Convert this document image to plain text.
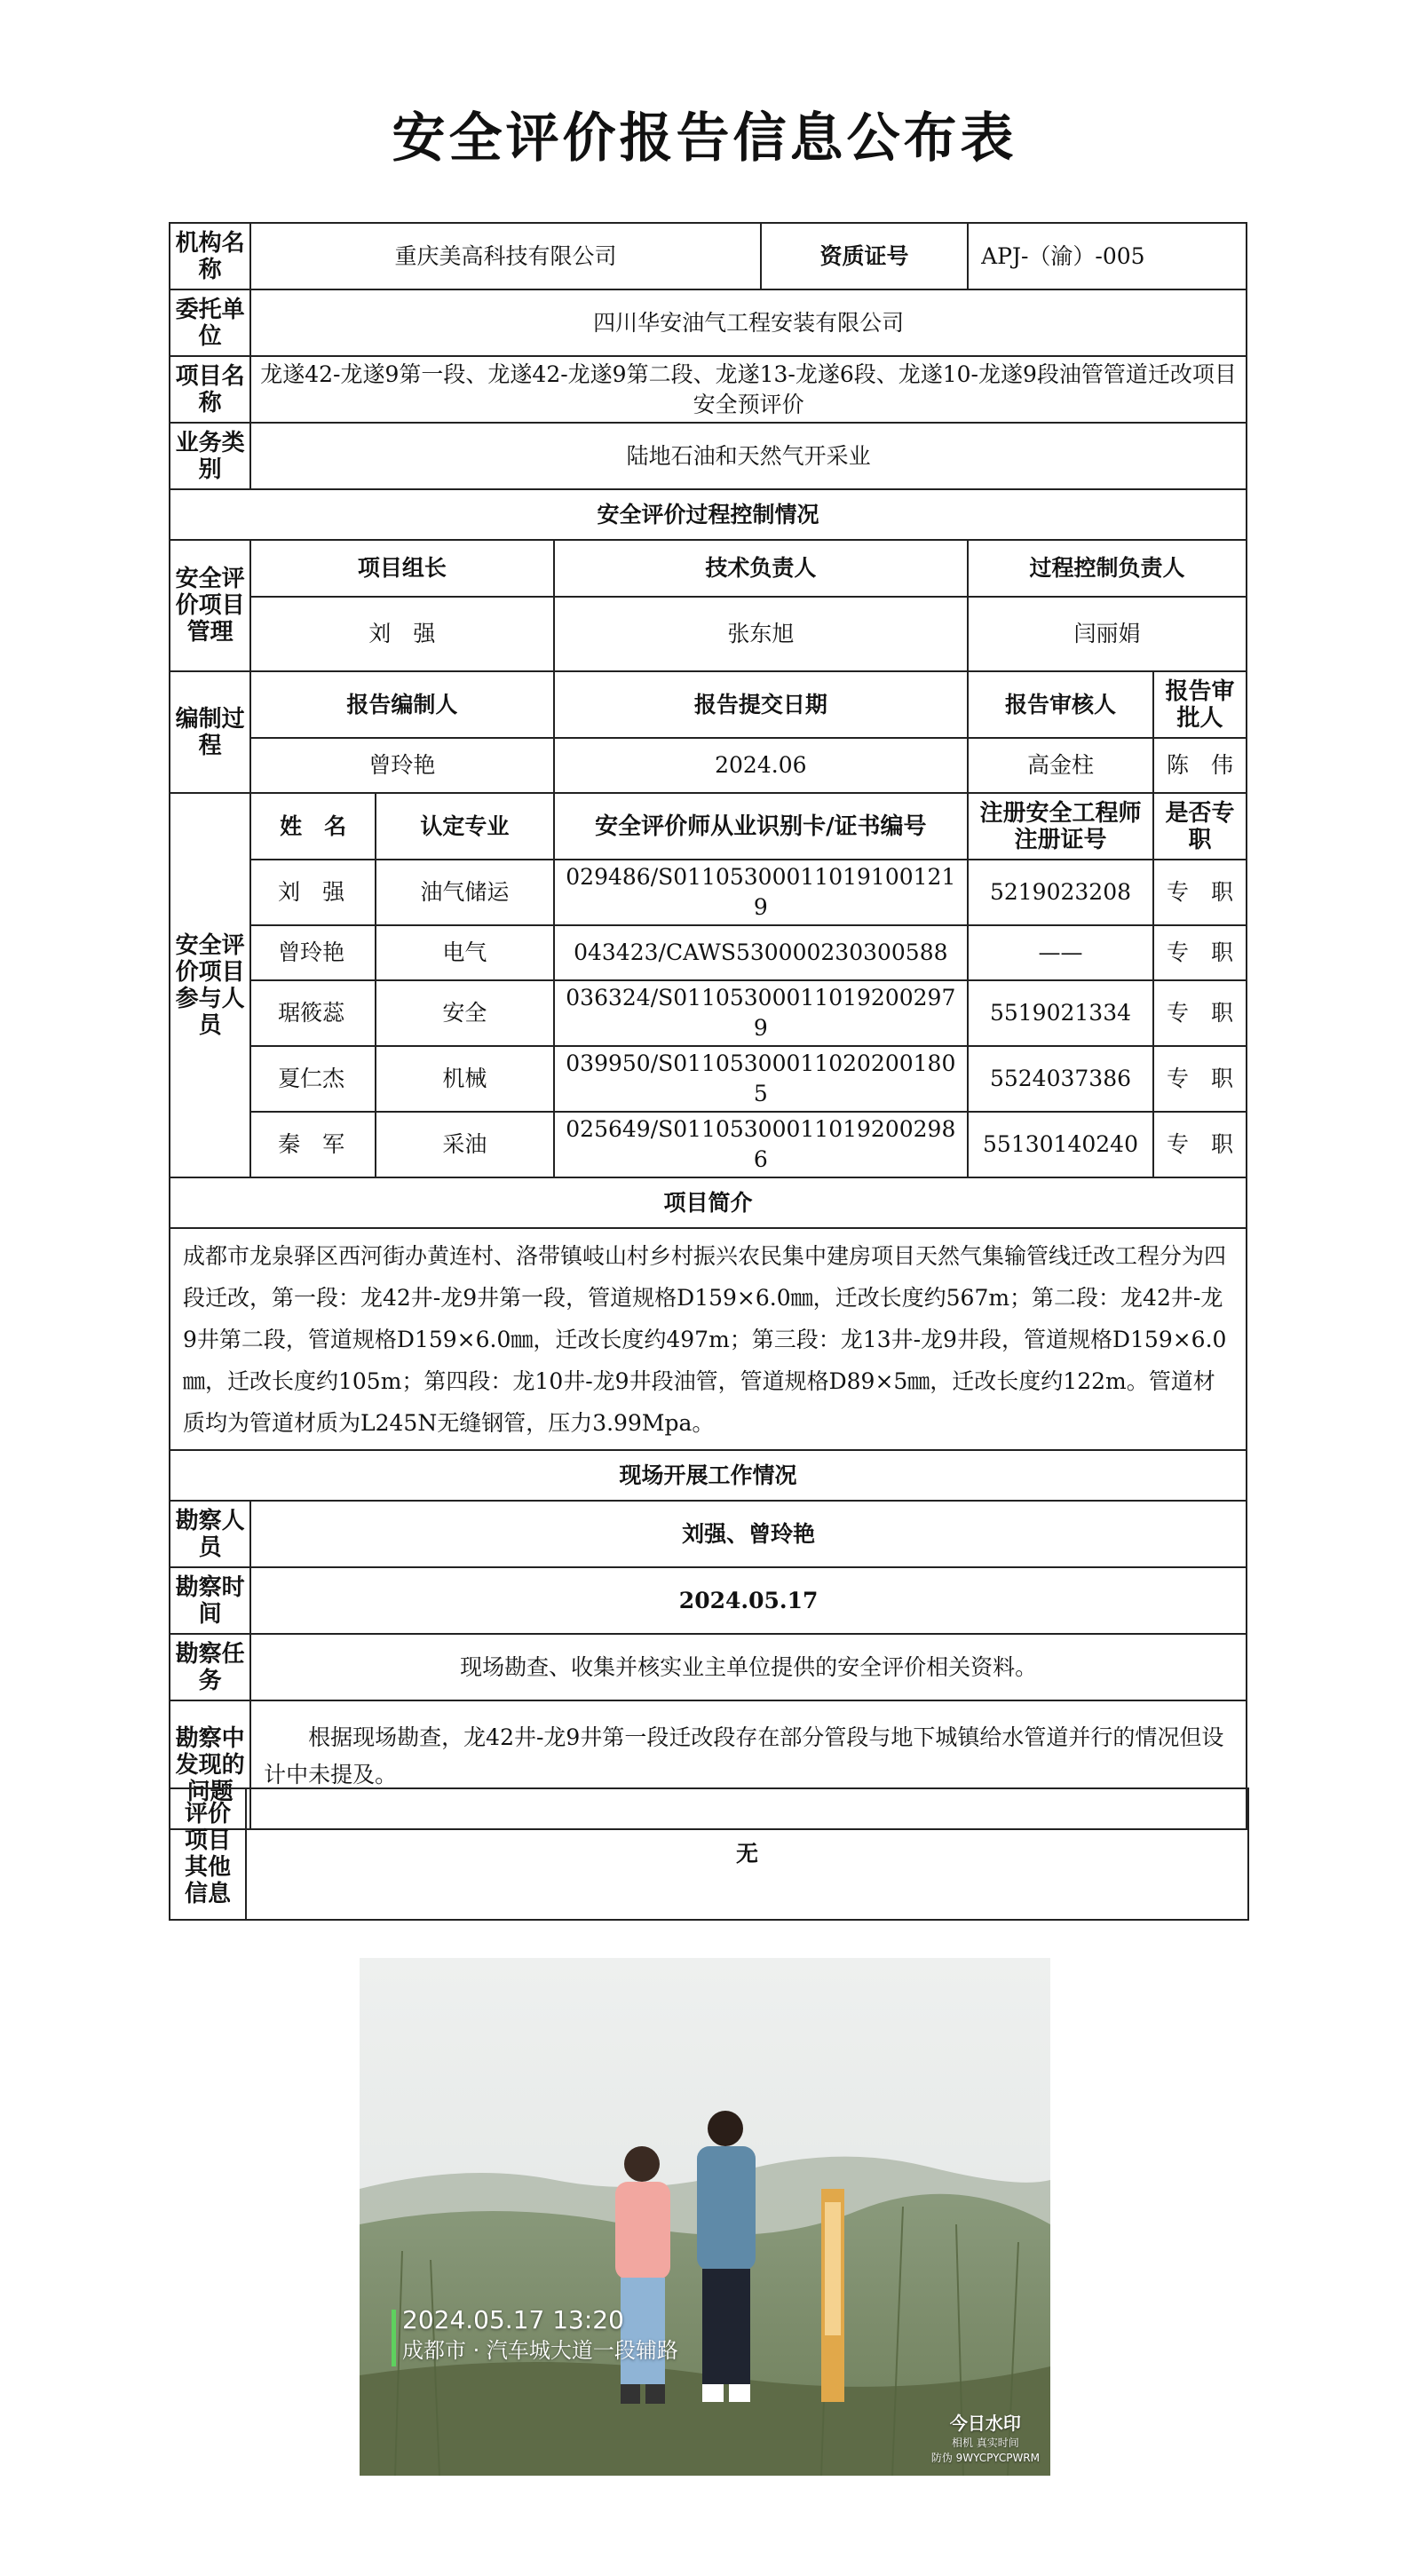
安全评价报告信息公布表
机构名称	重庆美高科技有限公司			资质证号	APJ-（渝）-005	
委托单位	四川华安油气工程安装有限公司					
项目名称	龙遂42-龙遂9第一段、龙遂42-龙遂9第二段、龙遂13-龙遂6段、龙遂10-龙遂9段油管管道迁改项目安全预评价					
业务类别	陆地石油和天然气开采业					
安全评价过程控制情况						
安全评价项目管理	项目组长		技术负责人		过程控制负责人	
	刘　强		张东旭		闫丽娟	
编制过程	报告编制人		报告提交日期		报告审核人	报告审批人
	曾玲艳		2024.06		高金柱	陈　伟
安全评价项目参与人员	姓　名	认定专业	安全评价师从业识别卡/证书编号		注册安全工程师注册证号	是否专职
	刘　强	油气储运	029486/S011053000110191001219		5219023208	专　职
	曾玲艳	电气	043423/CAWS530000230300588		——	专　职
	琚筱蕊	安全	036324/S011053000110192002979		5519021334	专　职
	夏仁杰	机械	039950/S011053000110202001805		5524037386	专　职
	秦　军	采油	025649/S011053000110192002986		55130140240	专　职
项目简介						
成都市龙泉驿区西河街办黄连村、洛带镇岐山村乡村振兴农民集中建房项目天然气集输管线迁改工程分为四段迁改，第一段：龙42井-龙9井第一段，管道规格D159×6.0㎜，迁改长度约567m；第二段：龙42井-龙9井第二段，管道规格D159×6.0㎜，迁改长度约497m；第三段：龙13井-龙9井段，管道规格D159×6.0㎜，迁改长度约105m；第四段：龙10井-龙9井段油管，管道规格D89×5㎜，迁改长度约122m。管道材质均为管道材质为L245N无缝钢管，压力3.99Mpa。						
现场开展工作情况						
勘察人员	刘强、曾玲艳					
勘察时间	2024.05.17					
勘察任务	现场勘查、收集并核实业主单位提供的安全评价相关资料。					
勘察中发现的问题	根据现场勘查，龙42井-龙9井第一段迁改段存在部分管段与地下城镇给水管道并行的情况但设计中未提及。					
评价项目其他信息	无
2024.05.17 13:20
成都市 · 汽车城大道一段辅路
今日水印
相机 真实时间
防伪 9WYCPYCPWRM
